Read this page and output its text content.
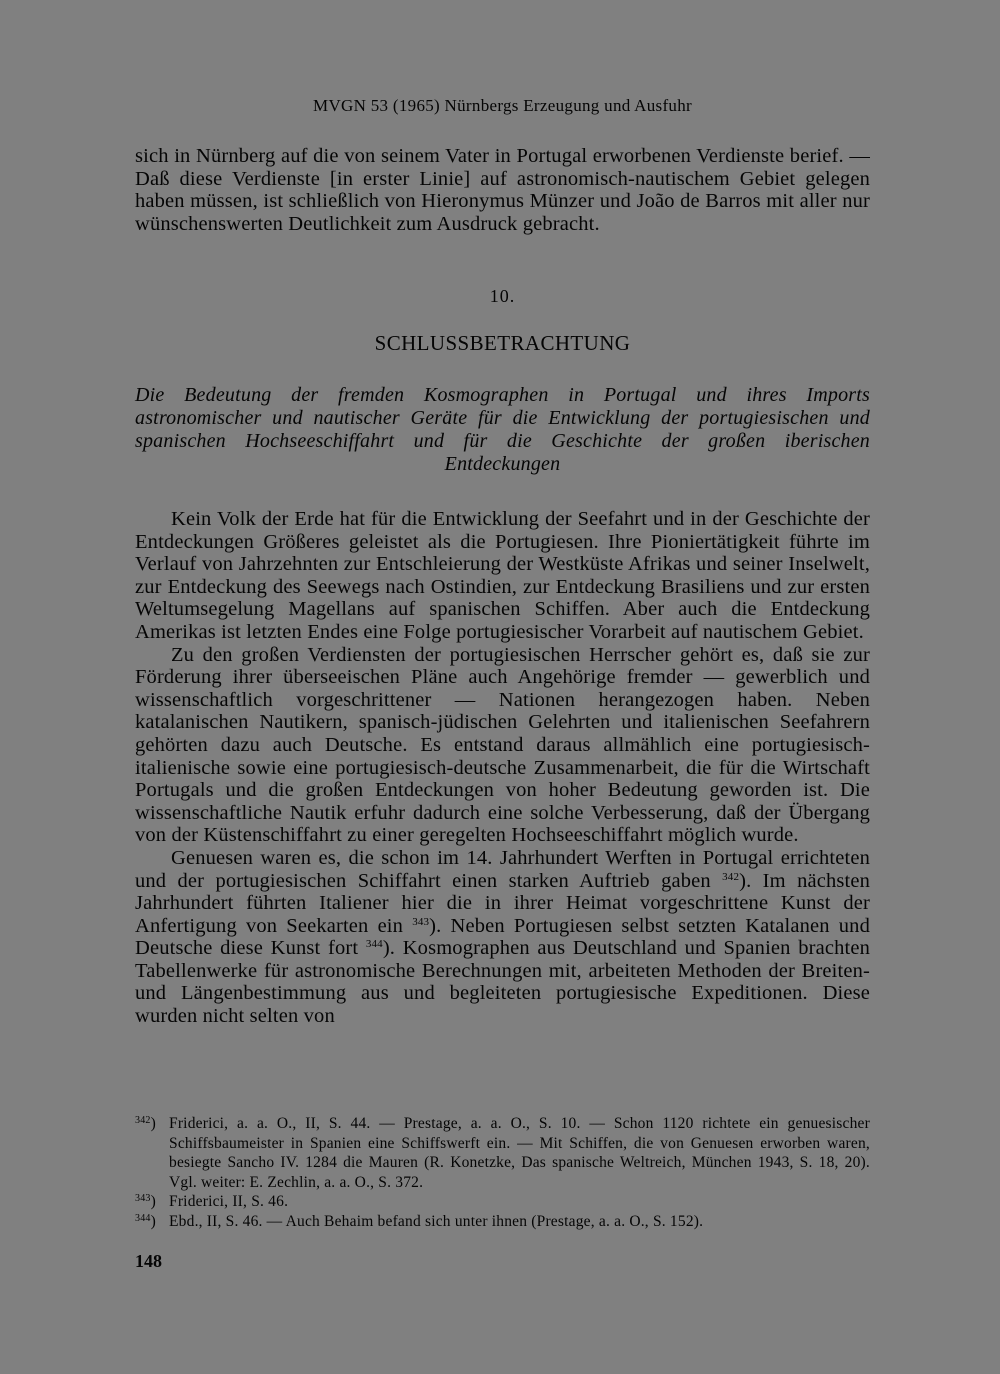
MVGN 53 (1965) Nürnbergs Erzeugung und Ausfuhr

sich in Nürnberg auf die von seinem Vater in Portugal erworbenen Verdienste berief. — Daß diese Verdienste [in erster Linie] auf astronomisch-nautischem Gebiet gelegen haben müssen, ist schließlich von Hieronymus Münzer und João de Barros mit aller nur wünschenswerten Deutlichkeit zum Ausdruck gebracht.

10.
SCHLUSSBETRACHTUNG

Die Bedeutung der fremden Kosmographen in Portugal und ihres Imports astronomischer und nautischer Geräte für die Entwicklung der portugiesischen und spanischen Hochseeschiffahrt und für die Geschichte der großen iberischen Entdeckungen

Kein Volk der Erde hat für die Entwicklung der Seefahrt und in der Geschichte der Entdeckungen Größeres geleistet als die Portugiesen. Ihre Pioniertätigkeit führte im Verlauf von Jahrzehnten zur Entschleierung der Westküste Afrikas und seiner Inselwelt, zur Entdeckung des Seewegs nach Ostindien, zur Entdeckung Brasiliens und zur ersten Weltumsegelung Magellans auf spanischen Schiffen. Aber auch die Entdeckung Amerikas ist letzten Endes eine Folge portugiesischer Vorarbeit auf nautischem Gebiet.

Zu den großen Verdiensten der portugiesischen Herrscher gehört es, daß sie zur Förderung ihrer überseeischen Pläne auch Angehörige fremder — gewerblich und wissenschaftlich vorgeschrittener — Nationen herangezogen haben. Neben katalanischen Nautikern, spanisch-jüdischen Gelehrten und italienischen Seefahrern gehörten dazu auch Deutsche. Es entstand daraus allmählich eine portugiesisch-italienische sowie eine portugiesisch-deutsche Zusammenarbeit, die für die Wirtschaft Portugals und die großen Entdeckungen von hoher Bedeutung geworden ist. Die wissenschaftliche Nautik erfuhr dadurch eine solche Verbesserung, daß der Übergang von der Küstenschiffahrt zu einer geregelten Hochseeschiffahrt möglich wurde.

Genuesen waren es, die schon im 14. Jahrhundert Werften in Portugal errichteten und der portugiesischen Schiffahrt einen starken Auftrieb gaben $^{342}$). Im nächsten Jahrhundert führten Italiener hier die in ihrer Heimat vorgeschrittene Kunst der Anfertigung von Seekarten ein $^{343}$). Neben Portugiesen selbst setzten Katalanen und Deutsche diese Kunst fort $^{344}$). Kosmographen aus Deutschland und Spanien brachten Tabellenwerke für astronomische Berechnungen mit, arbeiteten Methoden der Breiten- und Längenbestimmung aus und begleiteten portugiesische Expeditionen. Diese wurden nicht selten von

$^{342}$) Friderici, a. a. O., II, S. 44. — Prestage, a. a. O., S. 10. — Schon 1120 richtete ein genuesischer Schiffsbaumeister in Spanien eine Schiffswerft ein. — Mit Schiffen, die von Genuesen erworben waren, besiegte Sancho IV. 1284 die Mauren (R. Konetzke, Das spanische Weltreich, München 1943, S. 18, 20). Vgl. weiter: E. Zechlin, a. a. O., S. 372.
$^{343}$) Friderici, II, S. 46.
$^{344}$) Ebd., II, S. 46. — Auch Behaim befand sich unter ihnen (Prestage, a. a. O., S. 152).
148
